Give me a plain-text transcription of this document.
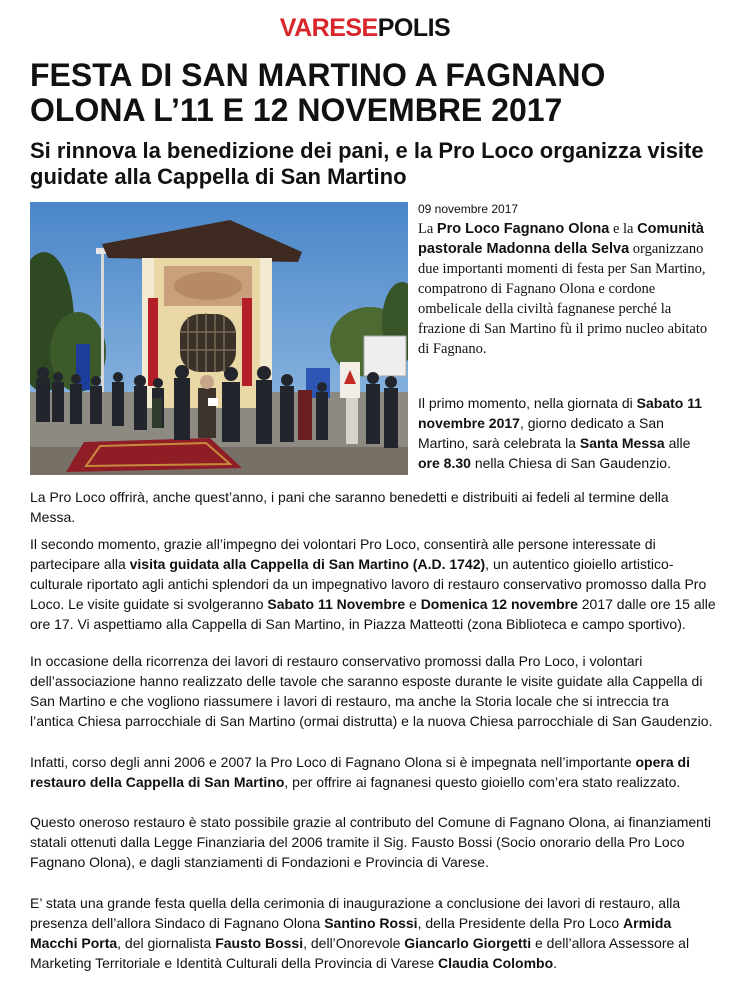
VARESEPOLIS
FESTA DI SAN MARTINO A FAGNANO OLONA L’11 E 12 NOVEMBRE 2017
Si rinnova la benedizione dei pani, e la Pro Loco organizza visite guidate alla Cappella di San Martino
09 novembre 2017

La Pro Loco Fagnano Olona e la Comunità pastorale Madonna della Selva organizzano due importanti momenti di festa per San Martino, compatrono di Fagnano Olona e cordone ombelicale della civiltà fagnanese perché la frazione di San Martino fù il primo nucleo abitato di Fagnano.

Il primo momento, nella giornata di Sabato 11 novembre 2017, giorno dedicato a San Martino, sarà celebrata la Santa Messa alle ore 8.30 nella Chiesa di San Gaudenzio.

La Pro Loco offrirà, anche quest’anno, i pani che saranno benedetti e distribuiti ai fedeli al termine della Messa.

Il secondo momento, grazie all’impegno dei volontari Pro Loco, consentirà alle persone interessate di partecipare alla visita guidata alla Cappella di San Martino (A.D. 1742), un autentico gioiello artistico-culturale riportato agli antichi splendori da un impegnativo lavoro di restauro conservativo promosso dalla Pro Loco. Le visite guidate si svolgeranno Sabato 11 Novembre e Domenica 12 novembre 2017 dalle ore 15 alle ore 17. Vi aspettiamo alla Cappella di San Martino, in Piazza Matteotti (zona Biblioteca e campo sportivo).

In occasione della ricorrenza dei lavori di restauro conservativo promossi dalla Pro Loco, i volontari dell’associazione hanno realizzato delle tavole che saranno esposte durante le visite guidate alla Cappella di San Martino e che vogliono riassumere i lavori di restauro, ma anche la Storia locale che si intreccia tra l’antica Chiesa parrocchiale di San Martino (ormai distrutta) e la nuova Chiesa parrocchiale di San Gaudenzio.

Infatti, corso degli anni 2006 e 2007 la Pro Loco di Fagnano Olona si è impegnata nell’importante opera di restauro della Cappella di San Martino, per offrire ai fagnanesi questo gioiello com’era stato realizzato.

Questo oneroso restauro è stato possibile grazie al contributo del Comune di Fagnano Olona, ai finanziamenti statali ottenuti dalla Legge Finanziaria del 2006 tramite il Sig. Fausto Bossi (Socio onorario della Pro Loco Fagnano Olona), e dagli stanziamenti di Fondazioni e Provincia di Varese.

E’ stata una grande festa quella della cerimonia di inaugurazione a conclusione dei lavori di restauro, alla presenza dell’allora Sindaco di Fagnano Olona Santino Rossi, della Presidente della Pro Loco Armida Macchi Porta, del giornalista Fausto Bossi, dell’Onorevole Giancarlo Giorgetti e dell’allora Assessore al Marketing Territoriale e Identità Culturali della Provincia di Varese Claudia Colombo.
